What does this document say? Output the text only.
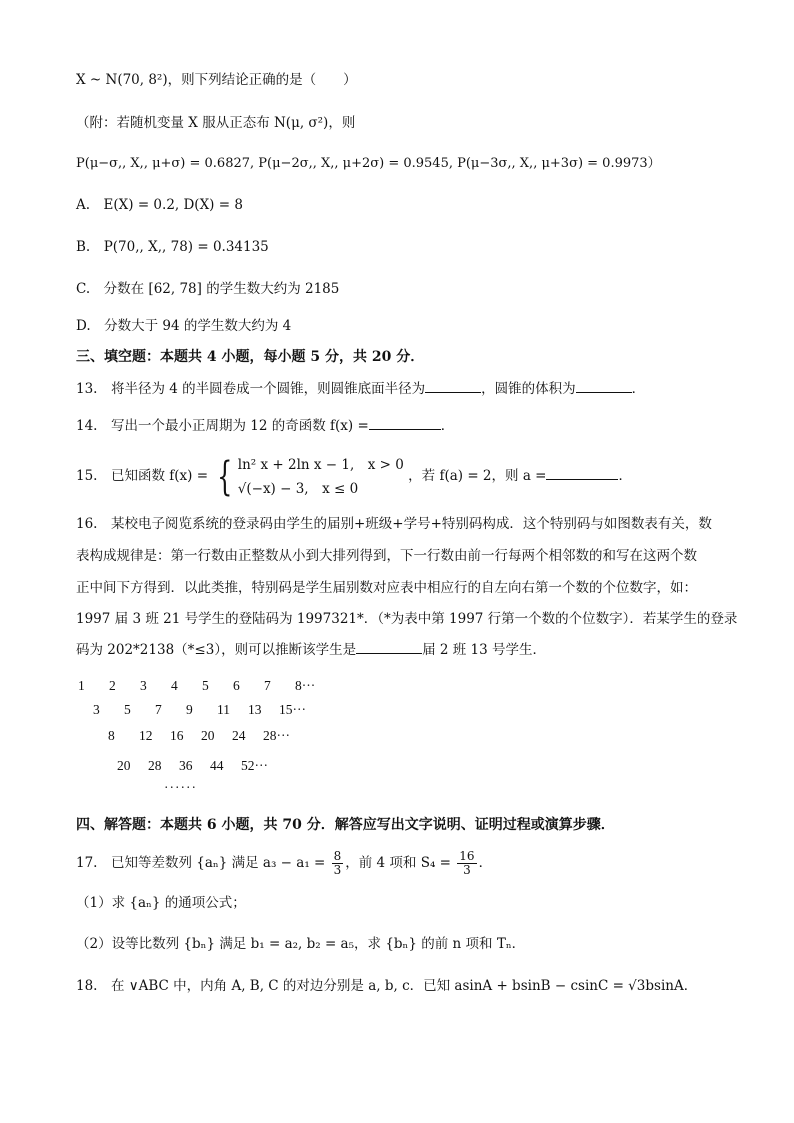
X ~ N(70, 8²)，则下列结论正确的是（　　）
（附：若随机变量 X 服从正态布 N(μ, σ²)，则
P(μ−σ,, X,, μ+σ) = 0.6827, P(μ−2σ,, X,, μ+2σ) = 0.9545, P(μ−3σ,, X,, μ+3σ) = 0.9973）
A.　E(X) = 0.2, D(X) = 8
B.　P(70,, X,, 78) = 0.34135
C.　分数在 [62, 78] 的学生数大约为 2185
D.　分数大于 94 的学生数大约为 4
三、填空题：本题共 4 小题，每小题 5 分，共 20 分．
13.　将半径为 4 的半圆卷成一个圆锥，则圆锥底面半径为	，圆锥的体积为	．
14.　写出一个最小正周期为 12 的奇函数 f(x) =	．
15.　已知函数 f(x) = { ln² x + 2ln x − 1,　x > 0
√(−x) − 3,　x ≤ 0
，若 f(a) = 2，则 a =	．
16.　某校电子阅览系统的登录码由学生的届别+班级+学号+特别码构成．这个特别码与如图数表有关，数
表构成规律是：第一行数由正整数从小到大排列得到，下一行数由前一行每两个相邻数的和写在这两个数
正中间下方得到．以此类推，特别码是学生届别数对应表中相应行的自左向右第一个数的个位数字，如：
1997 届 3 班 21 号学生的登陆码为 1997321*．（*为表中第 1997 行第一个数的个位数字）．若某学生的登录
码为 202*2138（*≤3），则可以推断该学生是	届 2 班 13 号学生．
1 2 3 4 5 6 7 8···
3 5 7 9 11 13 15···
8 12 16 20 24 28···
20 28 36 44 52···
······
四、解答题：本题共 6 小题，共 70 分．解答应写出文字说明、证明过程或演算步骤．
17.　已知等差数列 {aₙ} 满足 $a_3 - a_1 = \frac{8}{3}$ ，前 4 项和 $S_4 = \frac{16}{3}$ ．
（1）求 {aₙ} 的通项公式；
（2）设等比数列 {bₙ} 满足 b₁ = a₂, b₂ = a₅，求 {bₙ} 的前 n 项和 Tₙ．
18.　在 ∨ABC 中，内角 A, B, C 的对边分别是 a, b, c．已知 asinA + bsinB − csinC = √3bsinA．
